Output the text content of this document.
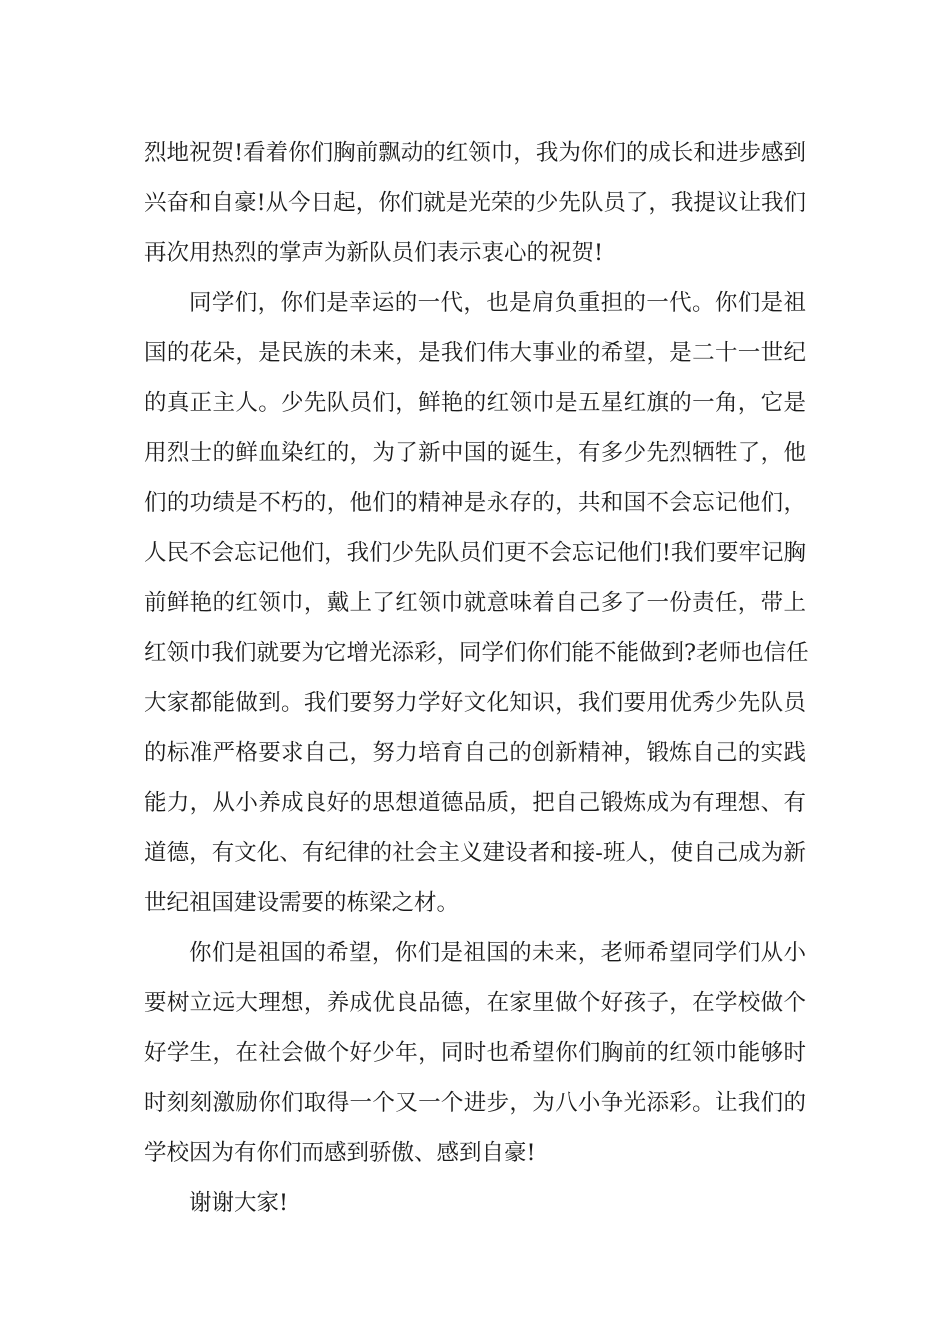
烈地祝贺!看着你们胸前飘动的红领巾，我为你们的成长和进步感到
兴奋和自豪!从今日起，你们就是光荣的少先队员了，我提议让我们
再次用热烈的掌声为新队员们表示衷心的祝贺!
同学们，你们是幸运的一代，也是肩负重担的一代。你们是祖
国的花朵，是民族的未来，是我们伟大事业的希望，是二十一世纪
的真正主人。少先队员们，鲜艳的红领巾是五星红旗的一角，它是
用烈士的鲜血染红的，为了新中国的诞生，有多少先烈牺牲了，他
们的功绩是不朽的，他们的精神是永存的，共和国不会忘记他们，
人民不会忘记他们，我们少先队员们更不会忘记他们!我们要牢记胸
前鲜艳的红领巾，戴上了红领巾就意味着自己多了一份责任，带上
红领巾我们就要为它增光添彩，同学们你们能不能做到?老师也信任
大家都能做到。我们要努力学好文化知识，我们要用优秀少先队员
的标准严格要求自己，努力培育自己的创新精神，锻炼自己的实践
能力，从小养成良好的思想道德品质，把自己锻炼成为有理想、有
道德，有文化、有纪律的社会主义建设者和接-班人，使自己成为新
世纪祖国建设需要的栋梁之材。
你们是祖国的希望，你们是祖国的未来，老师希望同学们从小
要树立远大理想，养成优良品德，在家里做个好孩子，在学校做个
好学生，在社会做个好少年，同时也希望你们胸前的红领巾能够时
时刻刻激励你们取得一个又一个进步，为八小争光添彩。让我们的
学校因为有你们而感到骄傲、感到自豪!
谢谢大家!
